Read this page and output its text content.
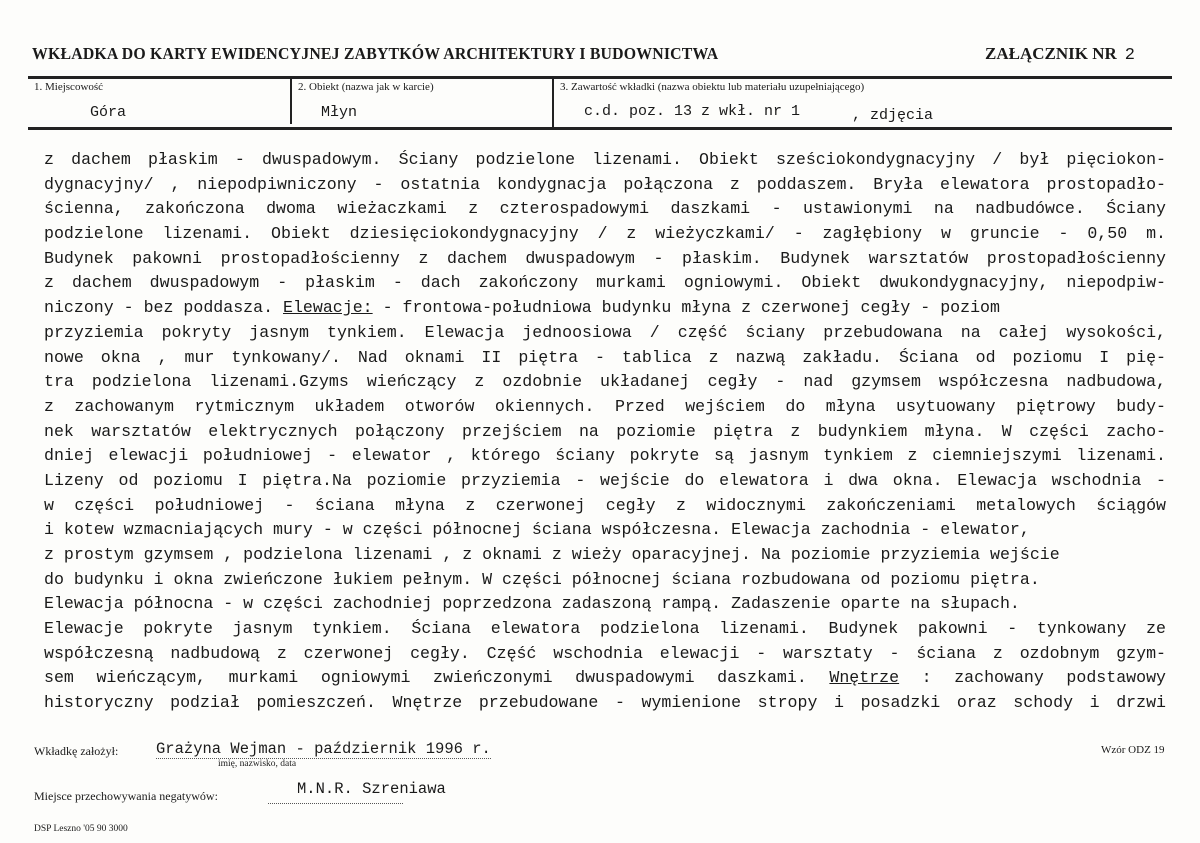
WKŁADKA DO KARTY EWIDENCYJNEJ ZABYTKÓW ARCHITEKTURY I BUDOWNICTWA	ZAŁĄCZNIK NR 2
1. Miejscowość
Góra
2. Obiekt (nazwa jak w karcie)
Młyn
3. Zawartość wkładki (nazwa obiektu lub materiału uzupełniającego)
c.d. poz. 13 z wkł. nr 1	, zdjęcia
z dachem płaskim - dwuspadowym. Ściany podzielone lizenami. Obiekt sześciokondygnacyjny / był pięciokon-
dygnacyjny/ , niepodpiwniczony - ostatnia kondygnacja połączona z poddaszem. Bryła elewatora prostopadło-
ścienna, zakończona dwoma wieżaczkami z czterospadowymi daszkami - ustawionymi na nadbudówce. Ściany
podzielone lizenami. Obiekt dziesięciokondygnacyjny / z wieżyczkami/ - zagłębiony w gruncie - 0,50 m.
Budynek pakowni prostopadłościenny z dachem dwuspadowym - płaskim. Budynek warsztatów prostopadłościenny
z dachem dwuspadowym - płaskim - dach zakończony murkami ogniowymi. Obiekt dwukondygnacyjny, niepodpiw-
niczony - bez poddasza. Elewacje: - frontowa-południowa budynku młyna z czerwonej cegły - poziom
przyziemia pokryty jasnym tynkiem. Elewacja jednoosiowa / część ściany przebudowana na całej wysokości,
nowe okna , mur tynkowany/. Nad oknami II piętra - tablica z nazwą zakładu. Ściana od poziomu I pię-
tra podzielona lizenami.Gzyms wieńczący z ozdobnie układanej cegły - nad gzymsem współczesna nadbudowa,
z zachowanym rytmicznym układem otworów okiennych. Przed wejściem do młyna usytuowany piętrowy budy-
nek warsztatów elektrycznych połączony przejściem na poziomie piętra z budynkiem młyna. W części zacho-
dniej elewacji południowej - elewator , którego ściany pokryte są jasnym tynkiem z ciemniejszymi lizenami.
Lizeny od poziomu I piętra.Na poziomie przyziemia - wejście do elewatora i dwa okna. Elewacja wschodnia -
w części południowej - ściana młyna z czerwonej cegły z widocznymi zakończeniami metalowych ściągów
i kotew wzmacniających mury - w części północnej ściana współczesna. Elewacja zachodnia - elewator,
z prostym gzymsem , podzielona lizenami , z oknami z wieży oparacyjnej. Na poziomie przyziemia wejście
do budynku i okna zwieńczone łukiem pełnym. W części północnej ściana rozbudowana od poziomu piętra.
Elewacja północna - w części zachodniej poprzedzona zadaszoną rampą. Zadaszenie oparte na słupach.
Elewacje pokryte jasnym tynkiem. Ściana elewatora podzielona lizenami. Budynek pakowni - tynkowany ze
współczesną nadbudową z czerwonej cegły. Część wschodnia elewacji - warsztaty - ściana z ozdobnym gzym-
sem wieńczącym, murkami ogniowymi zwieńczonymi dwuspadowymi daszkami. Wnętrze : zachowany podstawowy
historyczny podział pomieszczeń. Wnętrze przebudowane - wymienione stropy i posadzki oraz schody i drzwi
Wkładkę założył: Grażyna Wejman - październik 1996 r.
imię, nazwisko, data
Wzór ODZ 19
Miejsce przechowywania negatywów:	M.N.R. Szreniawa
DSP Leszno '05 90 3000
